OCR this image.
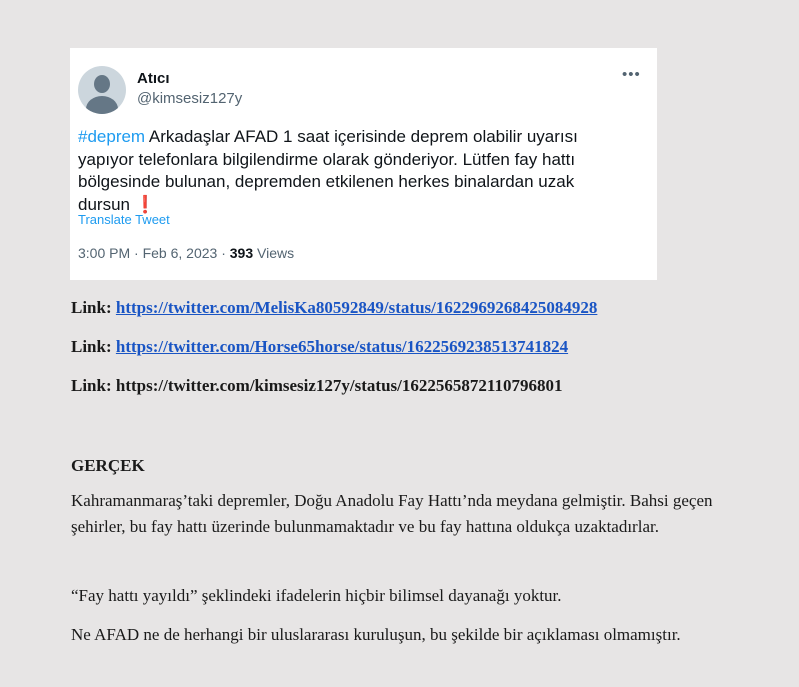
Atıcı
@kimsesiz127y
•••
#deprem Arkadaşlar AFAD 1 saat içerisinde deprem olabilir uyarısı yapıyor telefonlara bilgilendirme olarak gönderiyor. Lütfen fay hattı bölgesinde bulunan, depremden etkilenen herkes binalardan uzak dursun ❗
Translate Tweet
3:00 PM · Feb 6, 2023 · 393 Views
Link: https://twitter.com/MelisKa80592849/status/1622969268425084928
Link: https://twitter.com/Horse65horse/status/1622569238513741824
Link: https://twitter.com/kimsesiz127y/status/1622565872110796801
GERÇEK
Kahramanmaraş’taki depremler, Doğu Anadolu Fay Hattı’nda meydana gelmiştir. Bahsi geçen şehirler, bu fay hattı üzerinde bulunmamaktadır ve bu fay hattına oldukça uzaktadırlar.
“Fay hattı yayıldı” şeklindeki ifadelerin hiçbir bilimsel dayanağı yoktur.
Ne AFAD ne de herhangi bir uluslararası kuruluşun, bu şekilde bir açıklaması olmamıştır.
